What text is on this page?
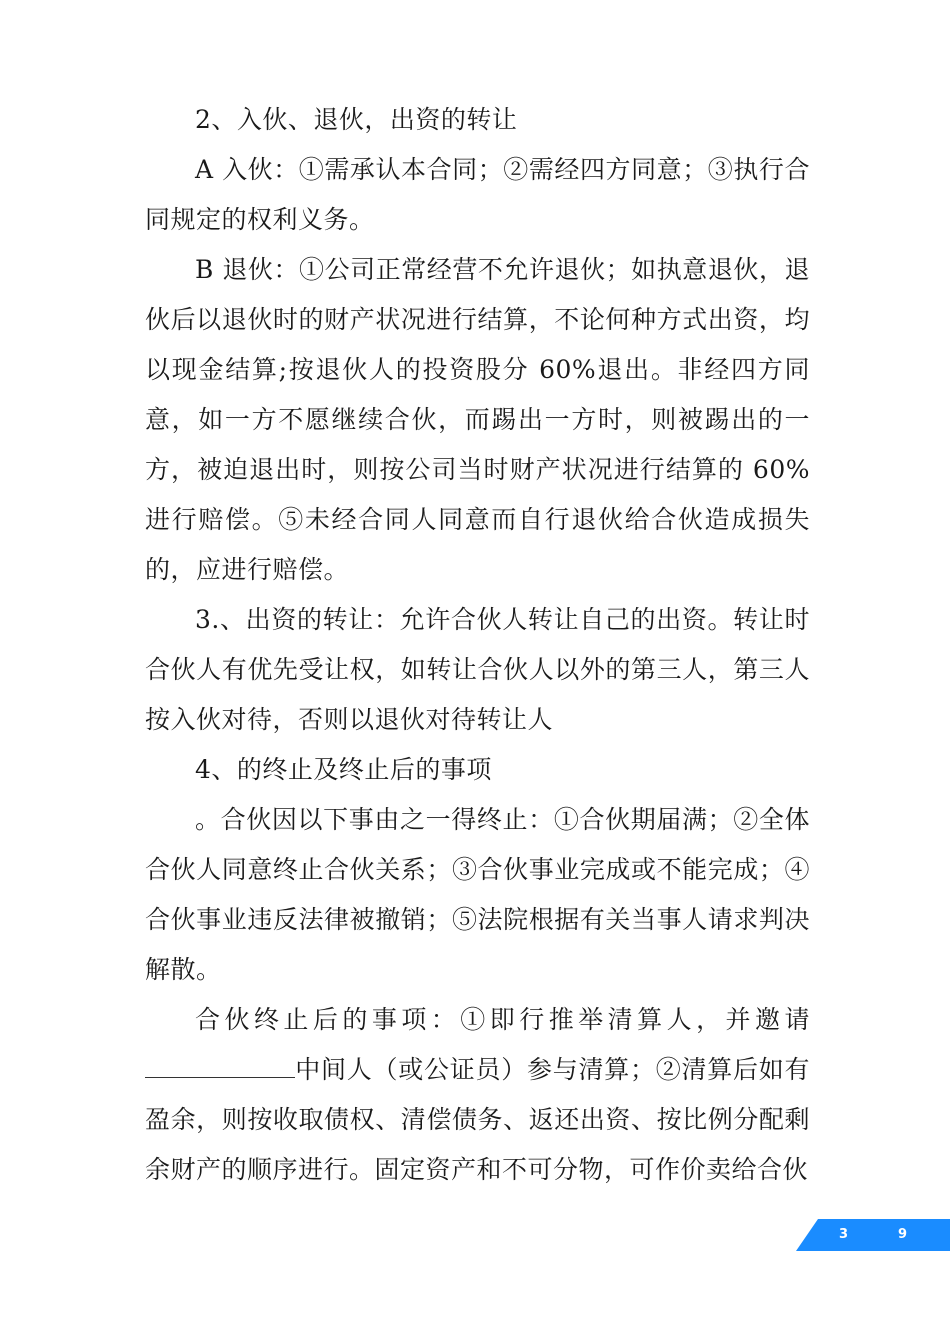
2、入伙、退伙，出资的转让

A 入伙：①需承认本合同；②需经四方同意；③执行合同规定的权利义务。

B 退伙：①公司正常经营不允许退伙；如执意退伙，退伙后以退伙时的财产状况进行结算，不论何种方式出资，均以现金结算;按退伙人的投资股分 60%退出。非经四方同意，如一方不愿继续合伙，而踢出一方时，则被踢出的一方，被迫退出时，则按公司当时财产状况进行结算的 60%进行赔偿。⑤未经合同人同意而自行退伙给合伙造成损失的，应进行赔偿。

3.、出资的转让：允许合伙人转让自己的出资。转让时合伙人有优先受让权，如转让合伙人以外的第三人，第三人按入伙对待，否则以退伙对待转让人

4、的终止及终止后的事项

。合伙因以下事由之一得终止：①合伙期届满；②全体合伙人同意终止合伙关系；③合伙事业完成或不能完成；④合伙事业违反法律被撤销；⑤法院根据有关当事人请求判决解散。

合伙终止后的事项：①即行推举清算人，并邀请中间人（或公证员）参与清算；②清算后如有盈余，则按收取债权、清偿债务、返还出资、按比例分配剩余财产的顺序进行。固定资产和不可分物，可作价卖给合伙

3	9
